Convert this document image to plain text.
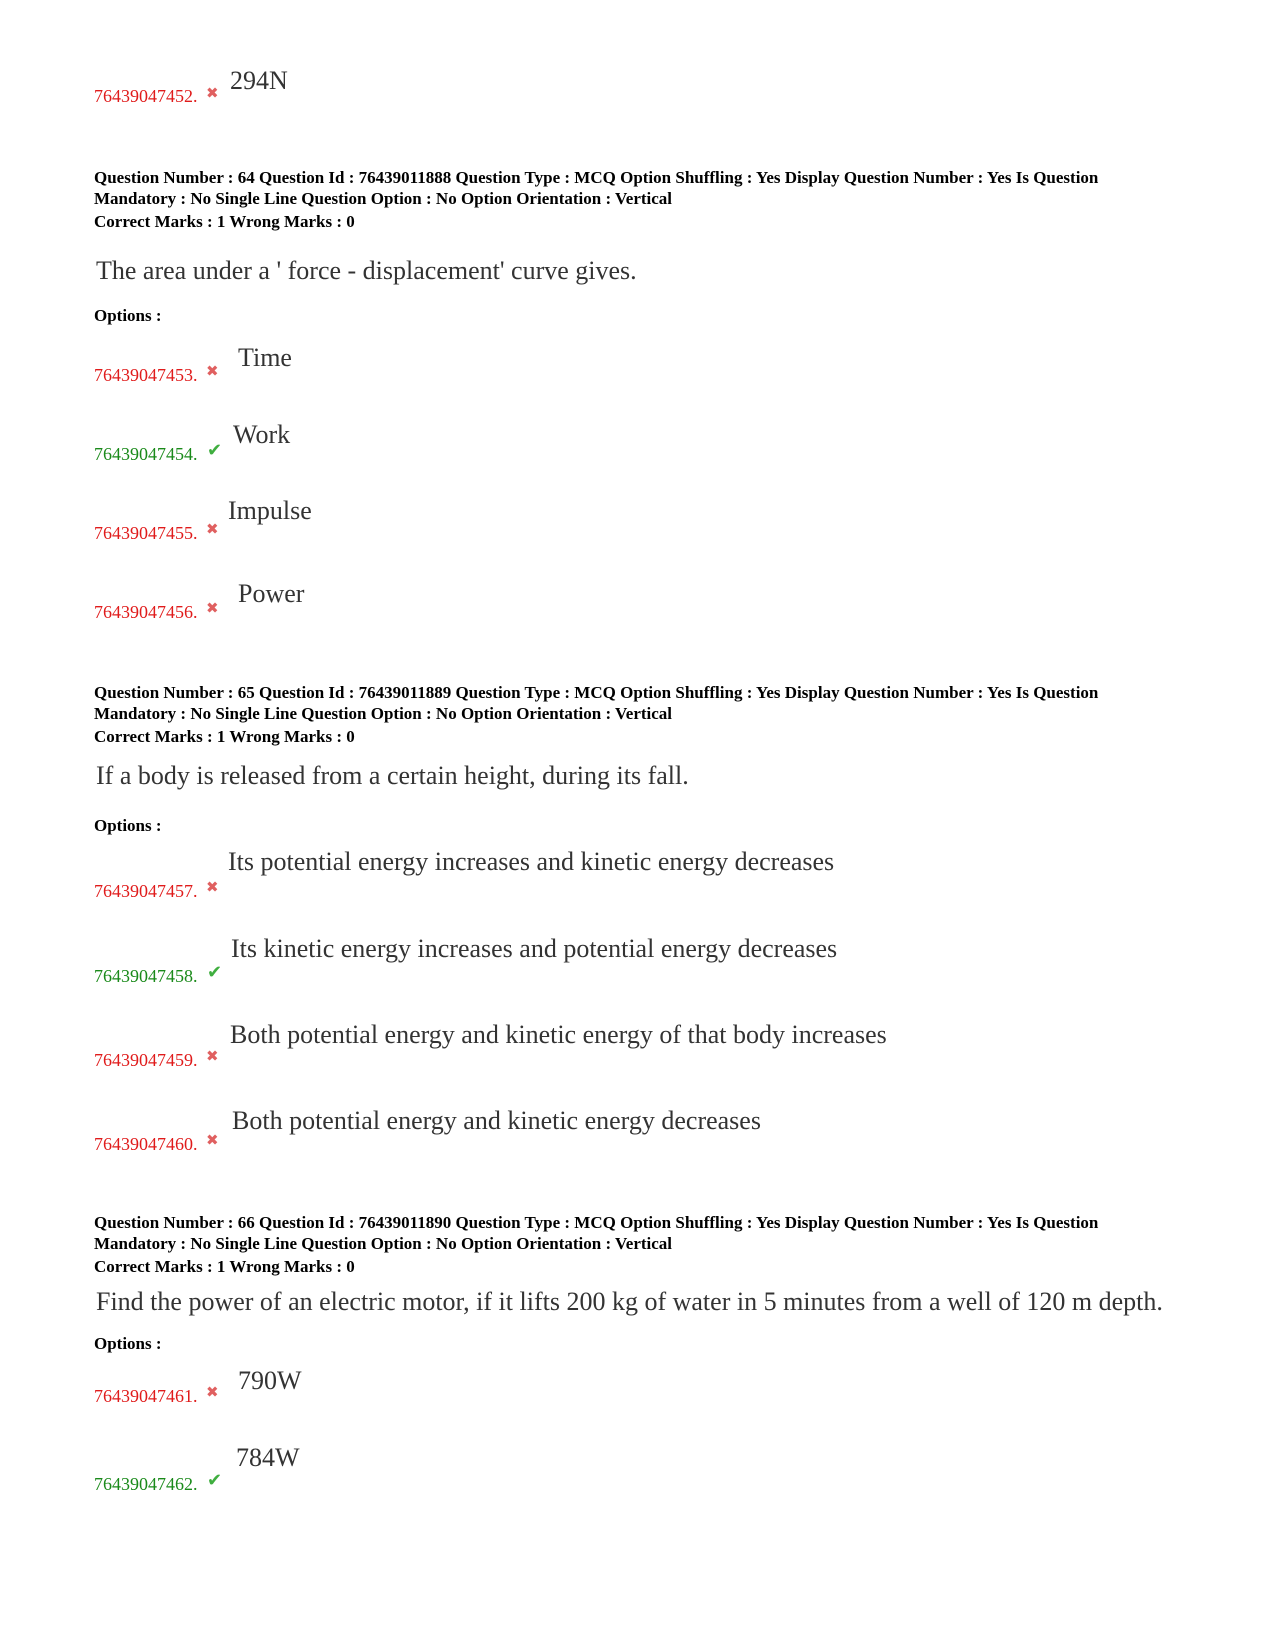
76439047452. ✖ 294N
Question Number : 64 Question Id : 76439011888 Question Type : MCQ Option Shuffling : Yes Display Question Number : Yes Is Question
Mandatory : No Single Line Question Option : No Option Orientation : Vertical
Correct Marks : 1 Wrong Marks : 0
The area under a ' force - displacement' curve gives.
Options :
76439047453. ✖ Time
76439047454. ✔
Work
76439047455. ✖
Impulse
76439047456. ✖
Power
Question Number : 65 Question Id : 76439011889 Question Type : MCQ Option Shuffling : Yes Display Question Number : Yes Is Question
Mandatory : No Single Line Question Option : No Option Orientation : Vertical
Correct Marks : 1 Wrong Marks : 0
If a body is released from a certain height, during its fall.
Options :
76439047457. ✖
Its potential energy increases and kinetic energy decreases
76439047458. ✔
Its kinetic energy increases and potential energy decreases
76439047459. ✖
Both potential energy and kinetic energy of that body increases
76439047460. ✖
Both potential energy and kinetic energy decreases
Question Number : 66 Question Id : 76439011890 Question Type : MCQ Option Shuffling : Yes Display Question Number : Yes Is Question
Mandatory : No Single Line Question Option : No Option Orientation : Vertical
Correct Marks : 1 Wrong Marks : 0
Find the power of an electric motor, if it lifts 200 kg of water in 5 minutes from a well of 120 m depth.
Options :
76439047461. ✖ 790W
76439047462. ✔
784W
